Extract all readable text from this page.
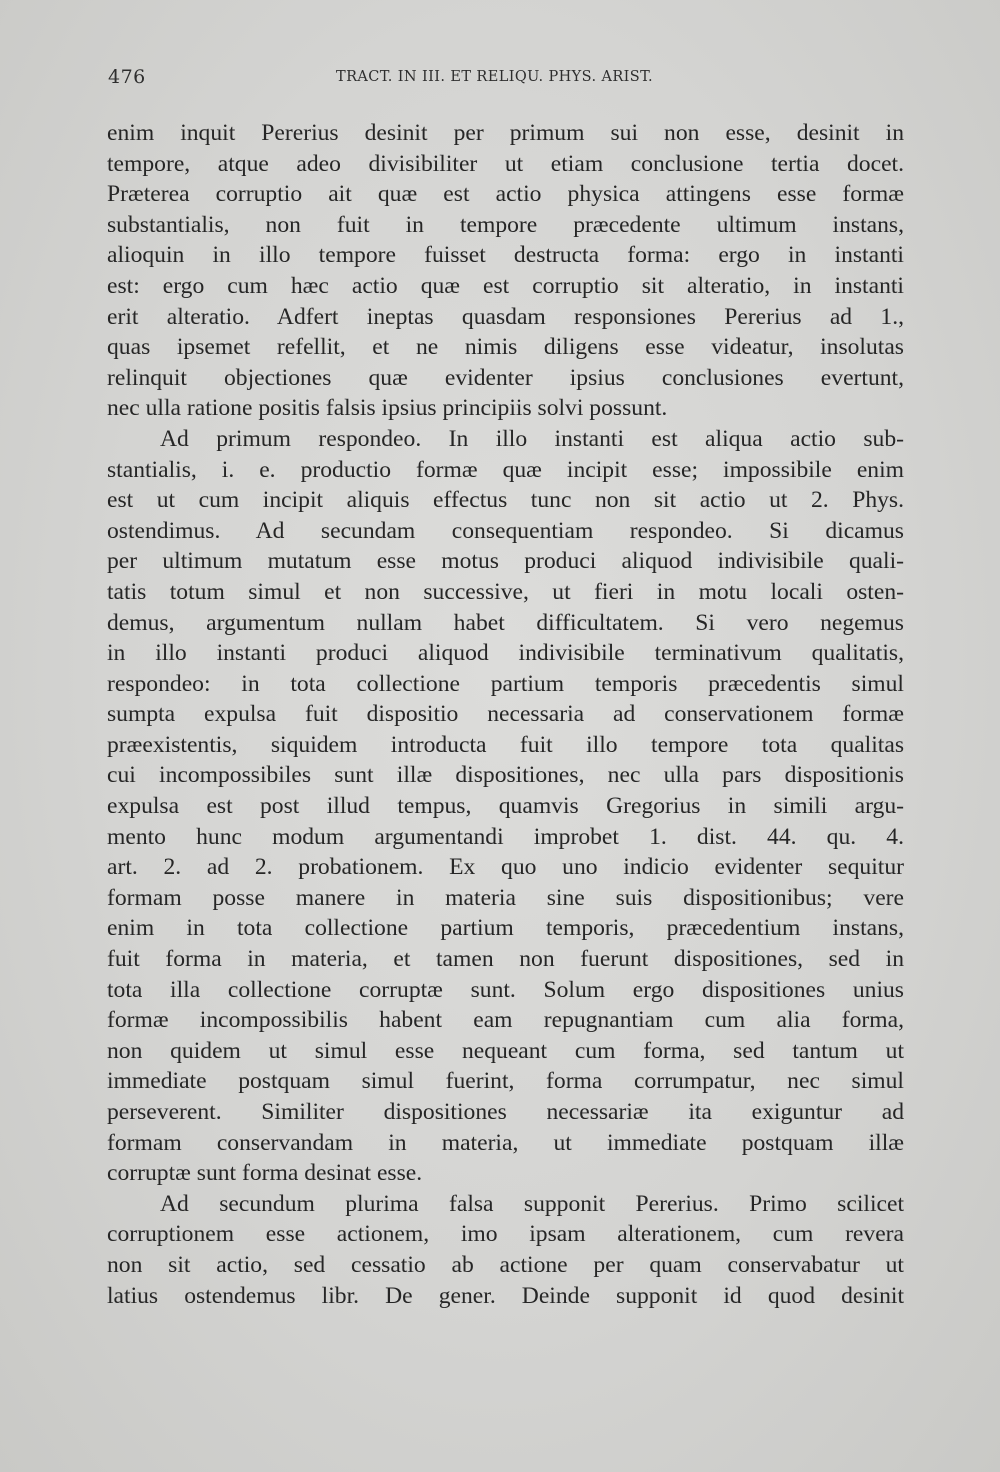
476	TRACT. IN III. ET RELIQU. PHYS. ARIST.
enim inquit Pererius desinit per primum sui non esse, desinit in
tempore, atque adeo divisibiliter ut etiam conclusione tertia docet.
Præterea corruptio ait quæ est actio physica attingens esse formæ
substantialis, non fuit in tempore præcedente ultimum instans,
alioquin in illo tempore fuisset destructa forma: ergo in instanti
est: ergo cum hæc actio quæ est corruptio sit alteratio, in instanti
erit alteratio. Adfert ineptas quasdam responsiones Pererius ad 1.,
quas ipsemet refellit, et ne nimis diligens esse videatur, insolutas
relinquit objectiones quæ evidenter ipsius conclusiones evertunt,
nec ulla ratione positis falsis ipsius principiis solvi possunt.
Ad primum respondeo. In illo instanti est aliqua actio sub-
stantialis, i. e. productio formæ quæ incipit esse; impossibile enim
est ut cum incipit aliquis effectus tunc non sit actio ut 2. Phys.
ostendimus. Ad secundam consequentiam respondeo. Si dicamus
per ultimum mutatum esse motus produci aliquod indivisibile quali-
tatis totum simul et non successive, ut fieri in motu locali osten-
demus, argumentum nullam habet difficultatem. Si vero negemus
in illo instanti produci aliquod indivisibile terminativum qualitatis,
respondeo: in tota collectione partium temporis præcedentis simul
sumpta expulsa fuit dispositio necessaria ad conservationem formæ
præexistentis, siquidem introducta fuit illo tempore tota qualitas
cui incompossibiles sunt illæ dispositiones, nec ulla pars dispositionis
expulsa est post illud tempus, quamvis Gregorius in simili argu-
mento hunc modum argumentandi improbet 1. dist. 44. qu. 4.
art. 2. ad 2. probationem. Ex quo uno indicio evidenter sequitur
formam posse manere in materia sine suis dispositionibus; vere
enim in tota collectione partium temporis, præcedentium instans,
fuit forma in materia, et tamen non fuerunt dispositiones, sed in
tota illa collectione corruptæ sunt. Solum ergo dispositiones unius
formæ incompossibilis habent eam repugnantiam cum alia forma,
non quidem ut simul esse nequeant cum forma, sed tantum ut
immediate postquam simul fuerint, forma corrumpatur, nec simul
perseverent. Similiter dispositiones necessariæ ita exiguntur ad
formam conservandam in materia, ut immediate postquam illæ
corruptæ sunt forma desinat esse.
Ad secundum plurima falsa supponit Pererius. Primo scilicet
corruptionem esse actionem, imo ipsam alterationem, cum revera
non sit actio, sed cessatio ab actione per quam conservabatur ut
latius ostendemus libr. De gener. Deinde supponit id quod desinit
